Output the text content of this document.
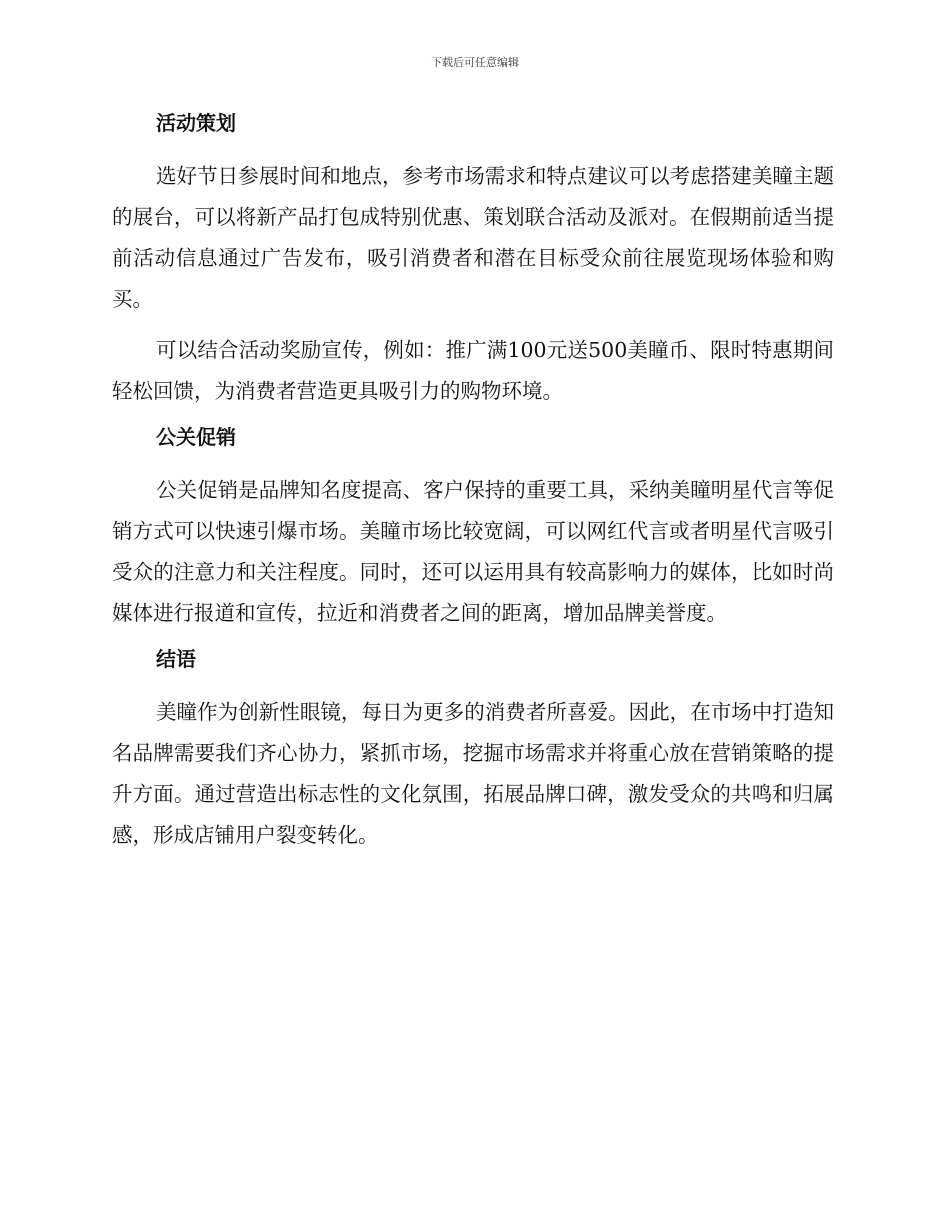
下载后可任意编辑
活动策划

选好节日参展时间和地点，参考市场需求和特点建议可以考虑搭建美瞳主题的展台，可以将新产品打包成特别优惠、策划联合活动及派对。在假期前适当提前活动信息通过广告发布，吸引消费者和潜在目标受众前往展览现场体验和购买。

可以结合活动奖励宣传，例如：推广满100元送500美瞳币、限时特惠期间轻松回馈，为消费者营造更具吸引力的购物环境。

公关促销

公关促销是品牌知名度提高、客户保持的重要工具，采纳美瞳明星代言等促销方式可以快速引爆市场。美瞳市场比较宽阔，可以网红代言或者明星代言吸引受众的注意力和关注程度。同时，还可以运用具有较高影响力的媒体，比如时尚媒体进行报道和宣传，拉近和消费者之间的距离，增加品牌美誉度。

结语

美瞳作为创新性眼镜，每日为更多的消费者所喜爱。因此，在市场中打造知名品牌需要我们齐心协力，紧抓市场，挖掘市场需求并将重心放在营销策略的提升方面。通过营造出标志性的文化氛围，拓展品牌口碑，激发受众的共鸣和归属感，形成店铺用户裂变转化。
